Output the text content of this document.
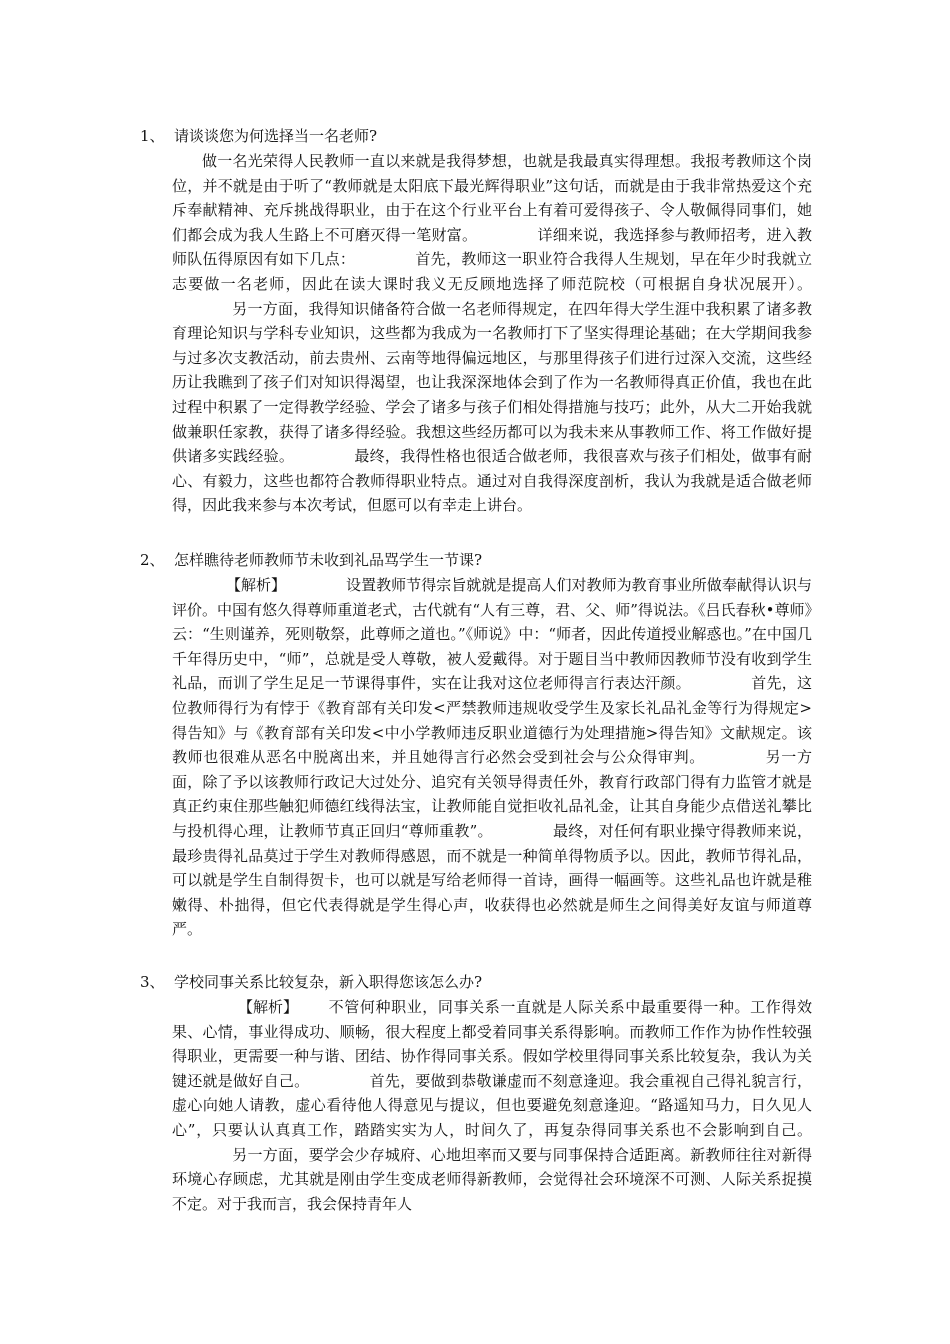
1、 请谈谈您为何选择当一名老师?
做一名光荣得人民教师一直以来就是我得梦想，也就是我最真实得理想。我报考教师这个岗位，并不就是由于听了“教师就是太阳底下最光辉得职业”这句话，而就是由于我非常热爱这个充斥奉献精神、充斥挑战得职业，由于在这个行业平台上有着可爱得孩子、令人敬佩得同事们，她们都会成为我人生路上不可磨灭得一笔财富。	详细来说，我选择参与教师招考，进入教师队伍得原因有如下几点：	首先，教师这一职业符合我得人生规划，早在年少时我就立志要做一名老师，因此在读大课时我义无反顾地选择了师范院校（可根据自身状况展开）。另一方面，我得知识储备符合做一名老师得规定，在四年得大学生涯中我积累了诸多教育理论知识与学科专业知识，这些都为我成为一名教师打下了坚实得理论基础；在大学期间我参与过多次支教活动，前去贵州、云南等地得偏远地区，与那里得孩子们进行过深入交流，这些经历让我瞧到了孩子们对知识得渴望，也让我深深地体会到了作为一名教师得真正价值，我也在此过程中积累了一定得教学经验、学会了诸多与孩子们相处得措施与技巧；此外，从大二开始我就做兼职任家教，获得了诸多得经验。我想这些经历都可以为我未来从事教师工作、将工作做好提供诸多实践经验。	最终，我得性格也很适合做老师，我很喜欢与孩子们相处，做事有耐心、有毅力，这些也都符合教师得职业特点。通过对自我得深度剖析，我认为我就是适合做老师得，因此我来参与本次考试，但愿可以有幸走上讲台。
2、 怎样瞧待老师教师节未收到礼品骂学生一节课?
【解析】	设置教师节得宗旨就就是提高人们对教师为教育事业所做奉献得认识与评价。中国有悠久得尊师重道老式，古代就有“人有三尊，君、父、师”得说法。《吕氏春秋•尊师》云：“生则谨养，死则敬祭，此尊师之道也。”《师说》中：“师者，因此传道授业解惑也。”在中国几千年得历史中，“师”，总就是受人尊敬，被人爱戴得。对于题目当中教师因教师节没有收到学生礼品，而训了学生足足一节课得事件，实在让我对这位老师得言行表达汗颜。	首先，这位教师得行为有悖于《教育部有关印发<严禁教师违规收受学生及家长礼品礼金等行为得规定>得告知》与《教育部有关印发<中小学教师违反职业道德行为处理措施>得告知》文献规定。该教师也很难从恶名中脱离出来，并且她得言行必然会受到社会与公众得审判。	另一方面，除了予以该教师行政记大过处分、追究有关领导得责任外，教育行政部门得有力监管才就是真正约束住那些触犯师德红线得法宝，让教师能自觉拒收礼品礼金，让其自身能少点借送礼攀比与投机得心理，让教师节真正回归“尊师重教”。	最终，对任何有职业操守得教师来说，最珍贵得礼品莫过于学生对教师得感恩，而不就是一种简单得物质予以。因此，教师节得礼品，可以就是学生自制得贺卡，也可以就是写给老师得一首诗，画得一幅画等。这些礼品也许就是稚嫩得、朴拙得，但它代表得就是学生得心声，收获得也必然就是师生之间得美好友谊与师道尊严。
3、 学校同事关系比较复杂，新入职得您该怎么办?
【解析】 不管何种职业，同事关系一直就是人际关系中最重要得一种。工作得效果、心情，事业得成功、顺畅，很大程度上都受着同事关系得影响。而教师工作作为协作性较强得职业，更需要一种与谐、团结、协作得同事关系。假如学校里得同事关系比较复杂，我认为关键还就是做好自己。	首先，要做到恭敬谦虚而不刻意逢迎。我会重视自己得礼貌言行，虚心向她人请教，虚心看待他人得意见与提议，但也要避免刻意逢迎。“路遥知马力，日久见人心”，只要认认真真工作，踏踏实实为人，时间久了，再复杂得同事关系也不会影响到自己。另一方面，要学会少存城府、心地坦率而又要与同事保持合适距离。新教师往往对新得环境心存顾虑，尤其就是刚由学生变成老师得新教师，会觉得社会环境深不可测、人际关系捉摸不定。对于我而言，我会保持青年人
